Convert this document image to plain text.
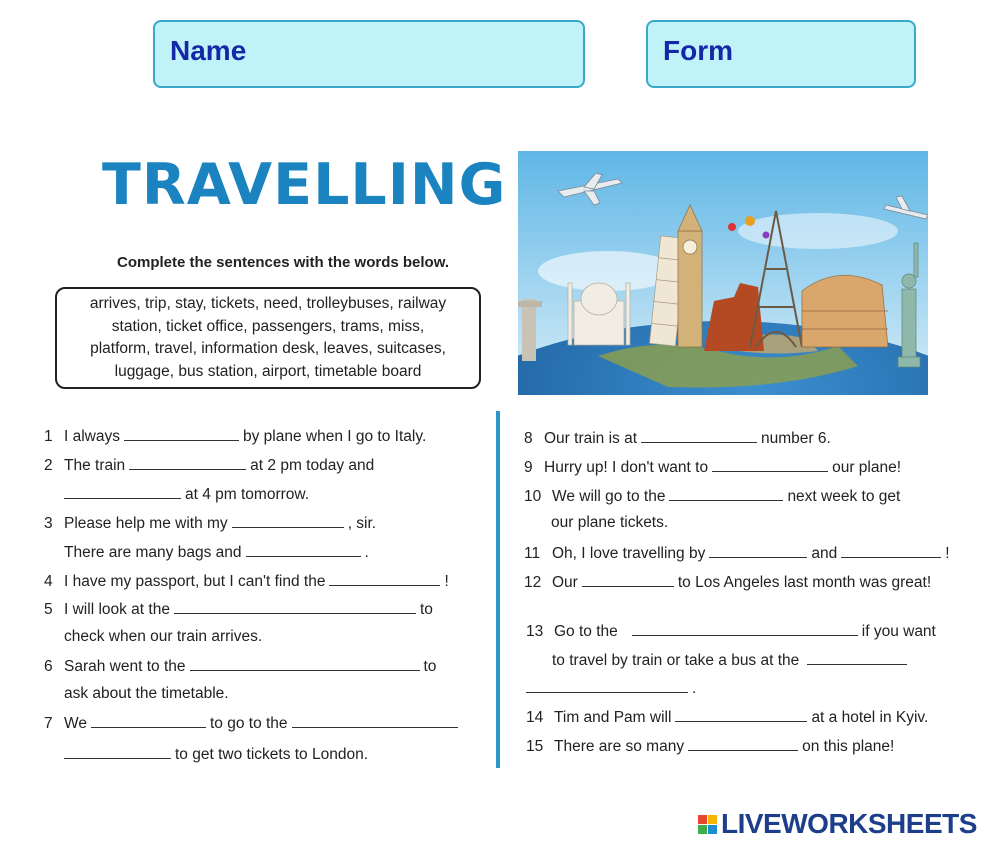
Name	Form
TRAVELLING
Complete the sentences with the words below.
arrives, trip, stay, tickets, need, trolleybuses, railway
station, ticket office, passengers, trams, miss,
platform, travel, information desk, leaves, suitcases,
luggage, bus station, airport, timetable board
1 I always	by plane when I go to Italy.
2 The train	at 2 pm today and
at 4 pm tomorrow.
3 Please help me with my	, sir.
There are many bags and	.
4 I have my passport, but I can't find the	!
5 I will look at the	to
check when our train arrives.
6 Sarah went to the	to
ask about the timetable.
7 We	to go to the
to get two tickets to London.
8 Our train is at	number 6.
9 Hurry up! I don't want to	our plane!
10 We will go to the	next week to get
our plane tickets.
11 Oh, I love travelling by	and	!
12 Our	to Los Angeles last month was great!
13 Go to the	if you want
to travel by train or take a bus at the
.
14 Tim and Pam will	at a hotel in Kyiv.
15 There are so many	on this plane!
LIVEWORKSHEETS
